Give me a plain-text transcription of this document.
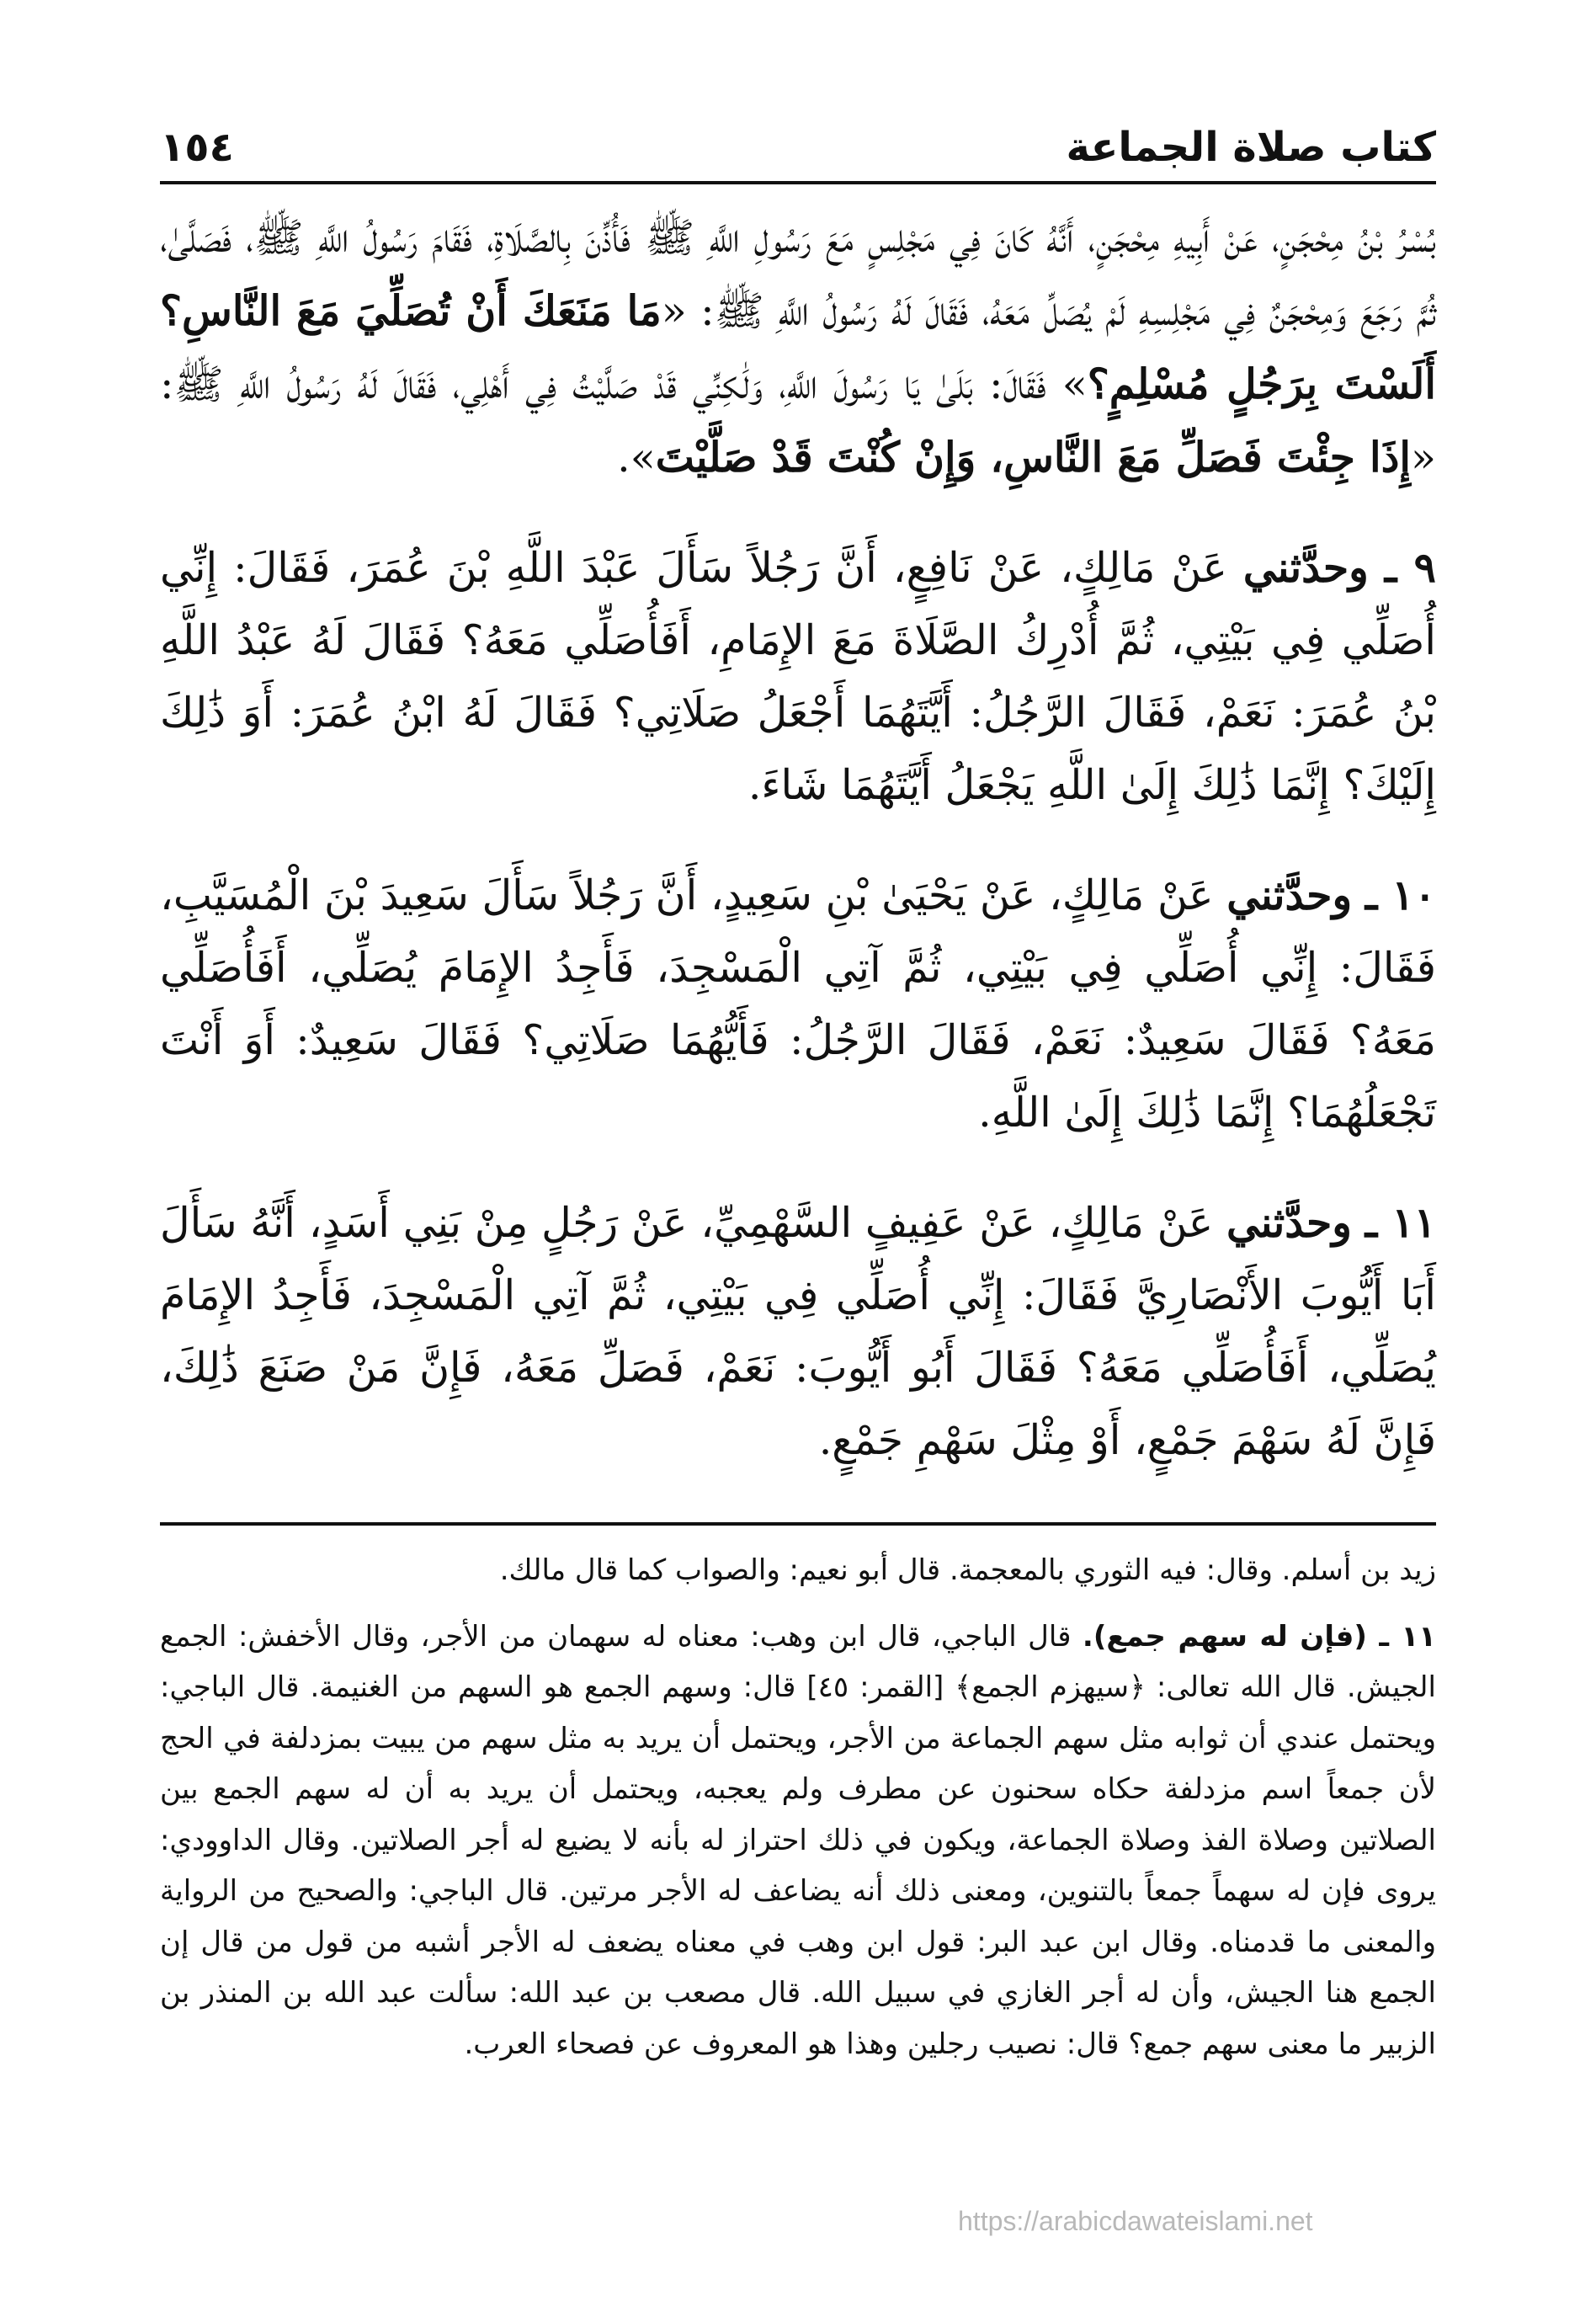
كتاب صلاة الجماعة
١٥٤

بُسْرُ بْنُ مِحْجَنٍ، عَنْ أَبِيهِ مِحْجَنٍ، أَنَّهُ كَانَ فِي مَجْلِسٍ مَعَ رَسُولِ اللَّهِ ﷺ فَأُذِّنَ بِالصَّلَاةِ، فَقَامَ رَسُولُ اللَّهِ ﷺ، فَصَلَّىٰ، ثُمَّ رَجَعَ وَمِحْجَنٌ فِي مَجْلِسِهِ لَمْ يُصَلِّ مَعَهُ، فَقَالَ لَهُ رَسُولُ اللَّهِ ﷺ: «مَا مَنَعَكَ أَنْ تُصَلِّيَ مَعَ النَّاسِ؟ أَلَسْتَ بِرَجُلٍ مُسْلِمٍ؟» فَقَالَ: بَلَىٰ يَا رَسُولَ اللَّهِ، وَلَٰكِنِّي قَدْ صَلَّيْتُ فِي أَهْلِي، فَقَالَ لَهُ رَسُولُ اللَّهِ ﷺ: «إِذَا جِئْتَ فَصَلِّ مَعَ النَّاسِ، وَإِنْ كُنْتَ قَدْ صَلَّيْتَ».

٩ ـ وحدَّثني عَنْ مَالِكٍ، عَنْ نَافِعٍ، أَنَّ رَجُلاً سَأَلَ عَبْدَ اللَّهِ بْنَ عُمَرَ، فَقَالَ: إِنِّي أُصَلِّي فِي بَيْتِي، ثُمَّ أُدْرِكُ الصَّلَاةَ مَعَ الإِمَامِ، أَفَأُصَلِّي مَعَهُ؟ فَقَالَ لَهُ عَبْدُ اللَّهِ بْنُ عُمَرَ: نَعَمْ، فَقَالَ الرَّجُلُ: أَيَّتَهُمَا أَجْعَلُ صَلَاتِي؟ فَقَالَ لَهُ ابْنُ عُمَرَ: أَوَ ذَٰلِكَ إِلَيْكَ؟ إِنَّمَا ذَٰلِكَ إِلَىٰ اللَّهِ يَجْعَلُ أَيَّتَهُمَا شَاءَ.

١٠ ـ وحدَّثني عَنْ مَالِكٍ، عَنْ يَحْيَىٰ بْنِ سَعِيدٍ، أَنَّ رَجُلاً سَأَلَ سَعِيدَ بْنَ الْمُسَيَّبِ، فَقَالَ: إِنِّي أُصَلِّي فِي بَيْتِي، ثُمَّ آتِي الْمَسْجِدَ، فَأَجِدُ الإِمَامَ يُصَلِّي، أَفَأُصَلِّي مَعَهُ؟ فَقَالَ سَعِيدٌ: نَعَمْ، فَقَالَ الرَّجُلُ: فَأَيُّهُمَا صَلَاتِي؟ فَقَالَ سَعِيدٌ: أَوَ أَنْتَ تَجْعَلُهُمَا؟ إِنَّمَا ذَٰلِكَ إِلَىٰ اللَّهِ.

١١ ـ وحدَّثني عَنْ مَالِكٍ، عَنْ عَفِيفٍ السَّهْمِيِّ، عَنْ رَجُلٍ مِنْ بَنِي أَسَدٍ، أَنَّهُ سَأَلَ أَبَا أَيُّوبَ الأَنْصَارِيَّ فَقَالَ: إِنِّي أُصَلِّي فِي بَيْتِي، ثُمَّ آتِي الْمَسْجِدَ، فَأَجِدُ الإِمَامَ يُصَلِّي، أَفَأُصَلِّي مَعَهُ؟ فَقَالَ أَبُو أَيُّوبَ: نَعَمْ، فَصَلِّ مَعَهُ، فَإِنَّ مَنْ صَنَعَ ذَٰلِكَ، فَإِنَّ لَهُ سَهْمَ جَمْعٍ، أَوْ مِثْلَ سَهْمِ جَمْعٍ.

زيد بن أسلم. وقال: فيه الثوري بالمعجمة. قال أبو نعيم: والصواب كما قال مالك.

١١ ـ (فإن له سهم جمع). قال الباجي، قال ابن وهب: معناه له سهمان من الأجر، وقال الأخفش: الجمع الجيش. قال الله تعالى: ﴿سيهزم الجمع﴾ [القمر: ٤٥] قال: وسهم الجمع هو السهم من الغنيمة. قال الباجي: ويحتمل عندي أن ثوابه مثل سهم الجماعة من الأجر، ويحتمل أن يريد به مثل سهم من يبيت بمزدلفة في الحج لأن جمعاً اسم مزدلفة حكاه سحنون عن مطرف ولم يعجبه، ويحتمل أن يريد به أن له سهم الجمع بين الصلاتين وصلاة الفذ وصلاة الجماعة، ويكون في ذلك احتراز له بأنه لا يضيع له أجر الصلاتين. وقال الداوودي: يروى فإن له سهماً جمعاً بالتنوين، ومعنى ذلك أنه يضاعف له الأجر مرتين. قال الباجي: والصحيح من الرواية والمعنى ما قدمناه. وقال ابن عبد البر: قول ابن وهب في معناه يضعف له الأجر أشبه من قول من قال إن الجمع هنا الجيش، وأن له أجر الغازي في سبيل الله. قال مصعب بن عبد الله: سألت عبد الله بن المنذر بن الزبير ما معنى سهم جمع؟ قال: نصيب رجلين وهذا هو المعروف عن فصحاء العرب.

https://arabicdawateislami.net
